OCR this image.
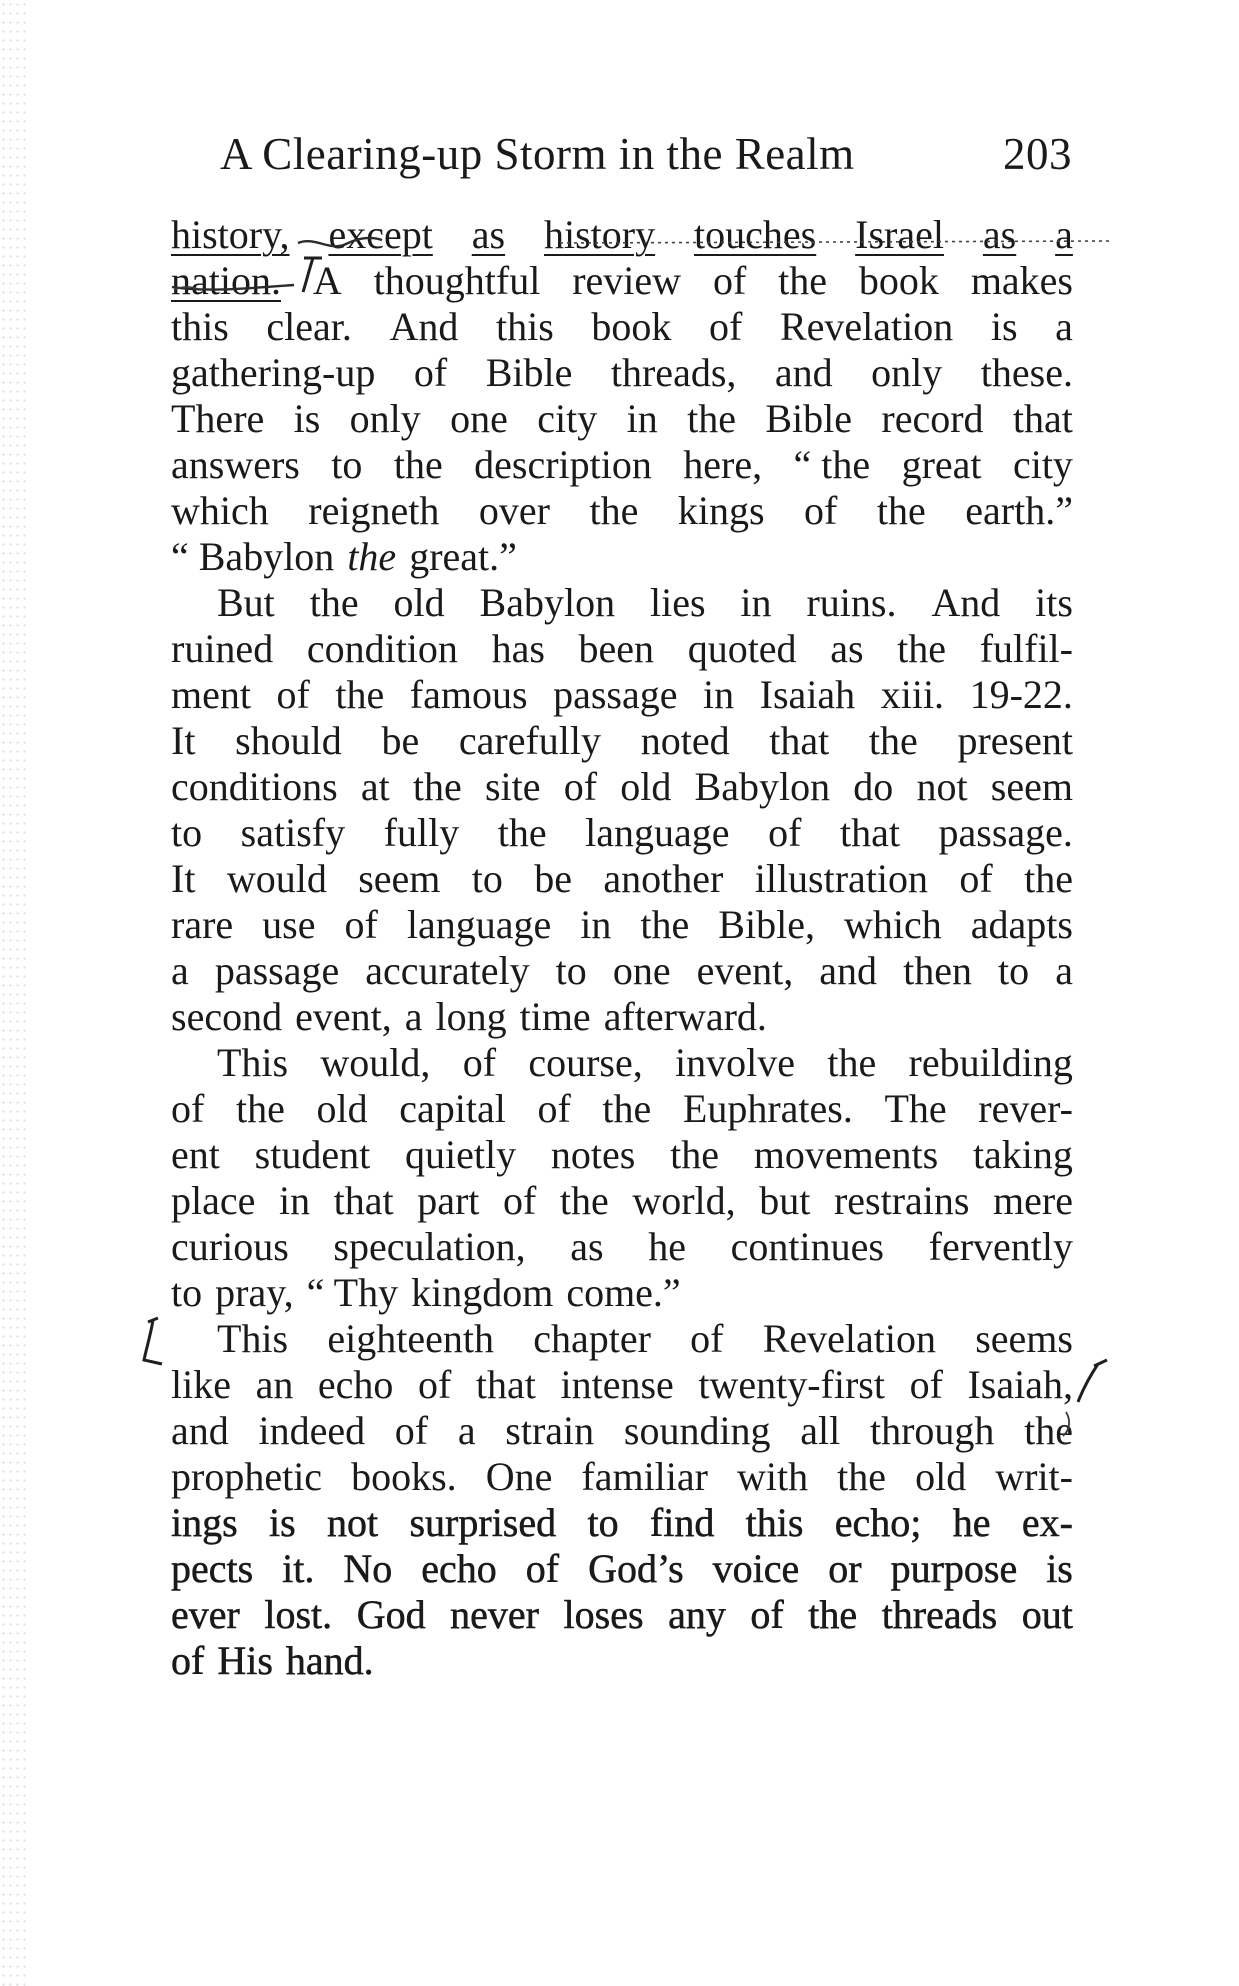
A Clearing-up Storm in the Realm	203
history, except as history touches Israel as a
nation. A thoughtful review of the book makes
this clear. And this book of Revelation is a
gathering-up of Bible threads, and only these.
There is only one city in the Bible record that
answers to the description here, “ the great city
which reigneth over the kings of the earth.”
“ Babylon the great.”
But the old Babylon lies in ruins. And its
ruined condition has been quoted as the fulfil-
ment of the famous passage in Isaiah xiii. 19-22.
It should be carefully noted that the present
conditions at the site of old Babylon do not seem
to satisfy fully the language of that passage.
It would seem to be another illustration of the
rare use of language in the Bible, which adapts
a passage accurately to one event, and then to a
second event, a long time afterward.
This would, of course, involve the rebuilding
of the old capital of the Euphrates. The rever-
ent student quietly notes the movements taking
place in that part of the world, but restrains mere
curious speculation, as he continues fervently
to pray, “ Thy kingdom come.”
This eighteenth chapter of Revelation seems
like an echo of that intense twenty-first of Isaiah,
and indeed of a strain sounding all through the
prophetic books. One familiar with the old writ-
ings is not surprised to find this echo; he ex-
pects it. No echo of God’s voice or purpose is
ever lost. God never loses any of the threads out
of His hand.
